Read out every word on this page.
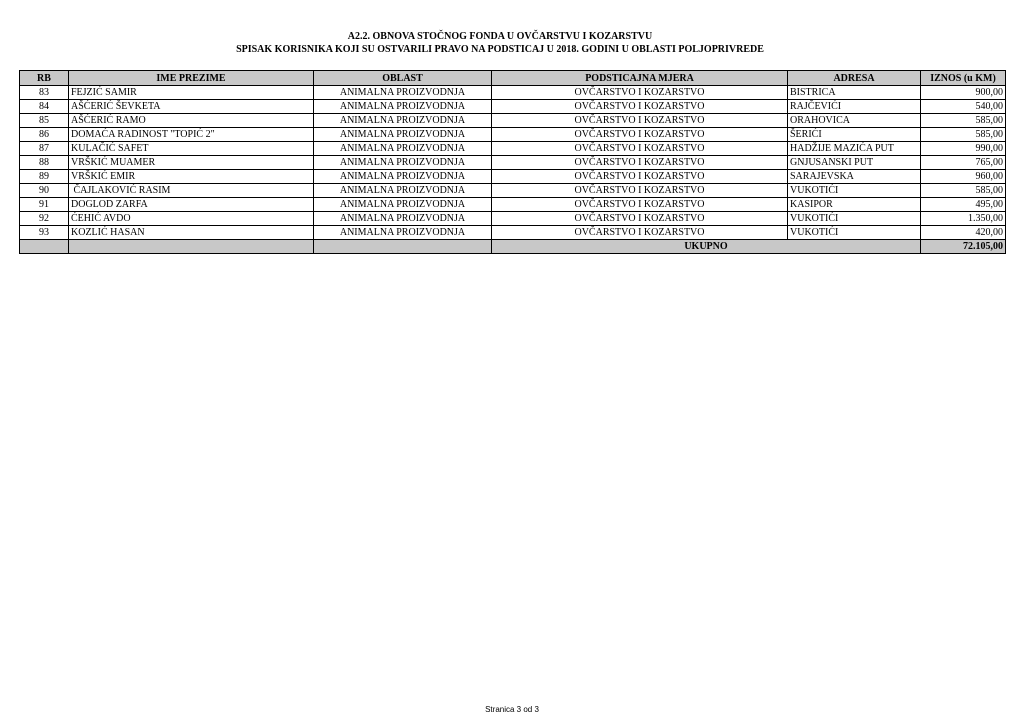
A2.2. OBNOVA STOČNOG FONDA U OVČARSTVU I KOZARSTVU
SPISAK KORISNIKA KOJI SU OSTVARILI PRAVO NA PODSTICAJ U 2018. GODINI U OBLASTI POLJOPRIVREDE
RB	IME PREZIME	OBLAST	PODSTICAJNA MJERA	ADRESA	IZNOS (u KM)
83	FEJZIĆ SAMIR	ANIMALNA PROIZVODNJA	OVČARSTVO I KOZARSTVO	BISTRICA	900,00
84	AŠĆERIĆ ŠEVKETA	ANIMALNA PROIZVODNJA	OVČARSTVO I KOZARSTVO	RAJČEVIĆI	540,00
85	AŠĆERIĆ RAMO	ANIMALNA PROIZVODNJA	OVČARSTVO I KOZARSTVO	ORAHOVICA	585,00
86	DOMAĆA RADINOST "TOPIĆ 2"	ANIMALNA PROIZVODNJA	OVČARSTVO I KOZARSTVO	ŠERIĆI	585,00
87	KULAČIĆ SAFET	ANIMALNA PROIZVODNJA	OVČARSTVO I KOZARSTVO	HADŽIJE MAZIĆA PUT	990,00
88	VRŠKIĆ MUAMER	ANIMALNA PROIZVODNJA	OVČARSTVO I KOZARSTVO	GNJUSANSKI PUT	765,00
89	VRŠKIĆ EMIR	ANIMALNA PROIZVODNJA	OVČARSTVO I KOZARSTVO	SARAJEVSKA	960,00
90	ČAJLAKOVIĆ RASIM	ANIMALNA PROIZVODNJA	OVČARSTVO I KOZARSTVO	VUKOTIĆI	585,00
91	DOGLOD ZARFA	ANIMALNA PROIZVODNJA	OVČARSTVO I KOZARSTVO	KASIPOR	495,00
92	ĆEHIĆ AVDO	ANIMALNA PROIZVODNJA	OVČARSTVO I KOZARSTVO	VUKOTIĆI	1.350,00
93	KOZLIĆ HASAN	ANIMALNA PROIZVODNJA	OVČARSTVO I KOZARSTVO	VUKOTIĆI	420,00
			UKUPNO		72.105,00
Stranica 3 od 3
